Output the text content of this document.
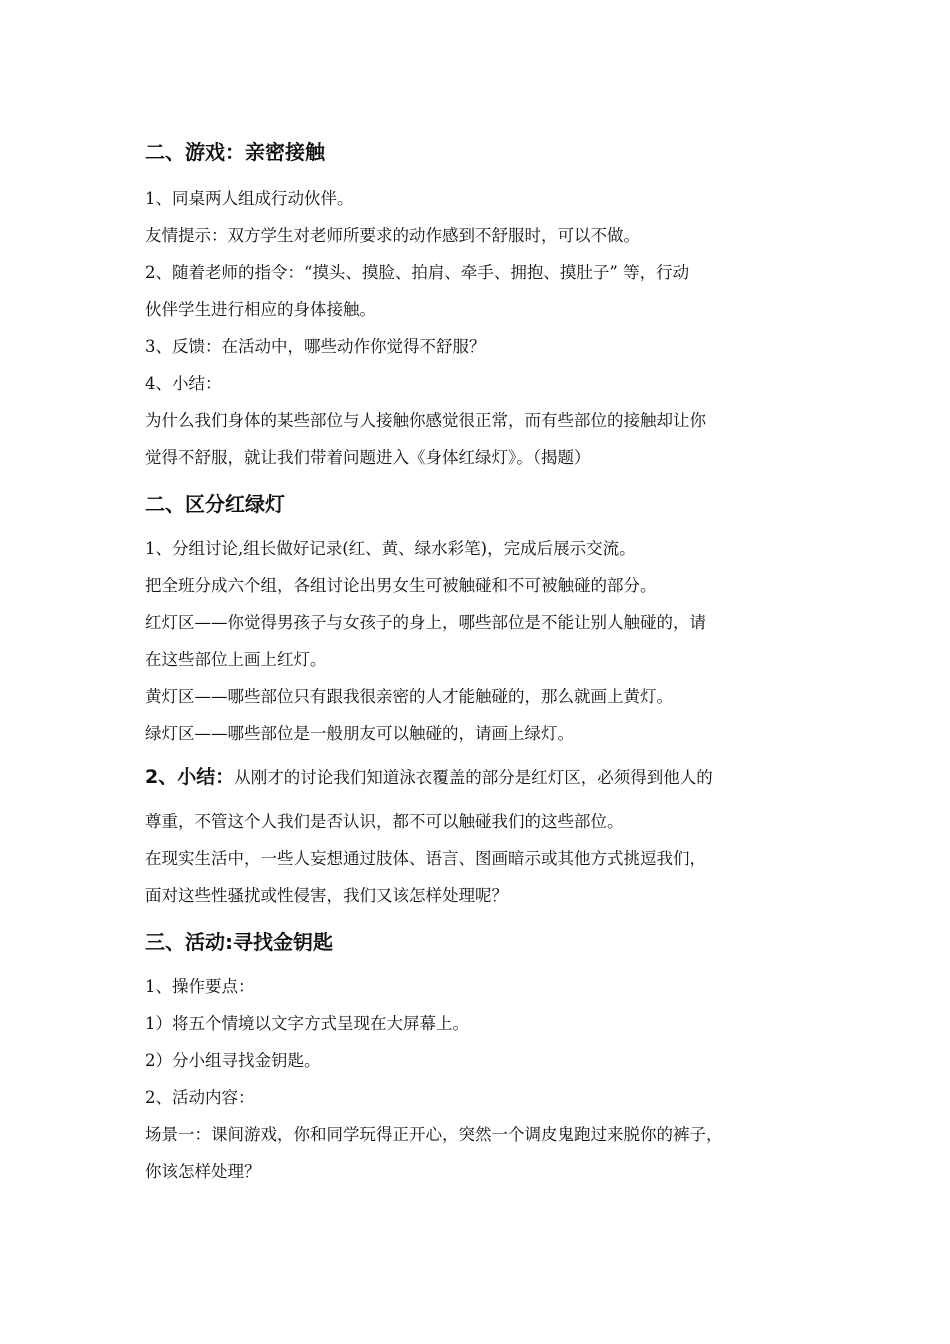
二、游戏：亲密接触

1、同桌两人组成行动伙伴。

友情提示：双方学生对老师所要求的动作感到不舒服时，可以不做。

2、随着老师的指令：“摸头、摸脸、拍肩、牵手、拥抱、摸肚子” 等，行动

伙伴学生进行相应的身体接触。

3、反馈：在活动中，哪些动作你觉得不舒服？

4、小结：

为什么我们身体的某些部位与人接触你感觉很正常，而有些部位的接触却让你

觉得不舒服，就让我们带着问题进入《身体红绿灯》。（揭题）

二、区分红绿灯

1、分组讨论,组长做好记录(红、黄、绿水彩笔)，完成后展示交流。

把全班分成六个组，各组讨论出男女生可被触碰和不可被触碰的部分。

红灯区——你觉得男孩子与女孩子的身上，哪些部位是不能让别人触碰的，请

在这些部位上画上红灯。

黄灯区——哪些部位只有跟我很亲密的人才能触碰的，那么就画上黄灯。

绿灯区——哪些部位是一般朋友可以触碰的，请画上绿灯。

2、小结：从刚才的讨论我们知道泳衣覆盖的部分是红灯区，必须得到他人的

尊重，不管这个人我们是否认识，都不可以触碰我们的这些部位。

在现实生活中，一些人妄想通过肢体、语言、图画暗示或其他方式挑逗我们，

面对这些性骚扰或性侵害，我们又该怎样处理呢？

三、活动:寻找金钥匙

1、操作要点：

1）将五个情境以文字方式呈现在大屏幕上。

2）分小组寻找金钥匙。

2、活动内容：

场景一：课间游戏，你和同学玩得正开心，突然一个调皮鬼跑过来脱你的裤子，

你该怎样处理？
